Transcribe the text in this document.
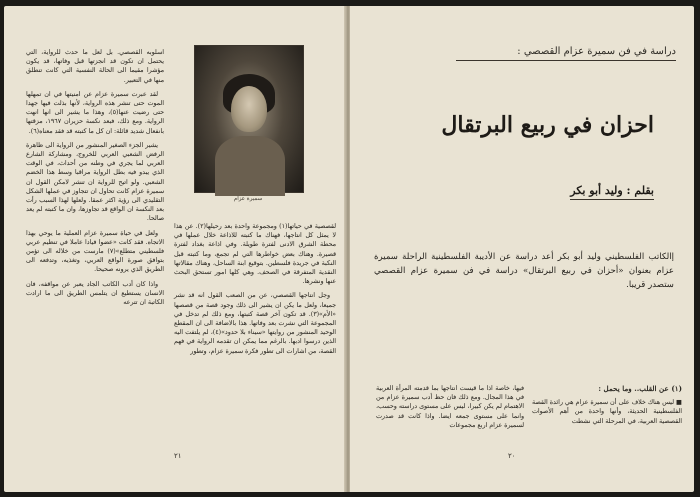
لقصصية في حياتها(١) ومجموعة واحدة بعد رحيلها(٢). عن هذا لا يمثل كل انتاجها، فهناك ما كتبته للاذاعة خلال عملها في محطة الشرق الادنى لفترة طويلة. وفي اذاعة بغداد لفترة قصيرة. وهناك بعض خواطرها التي لم تجمع، وما كتبته قبل النكبة في جريدة فلسطين. بتوقيع ابنة الساحل، وهناك مقالاتها النقدية المتفرقة في الصحف. وهي كلها امور تستحق البحث عنها ونشرها.

وجل انتاجها القصصي، عن من الصعب القول انه قد نشر جميعا، ولعل ما يكن ان يشير الى ذلك وجود قصة من قصصها «الأم»(٣). قد تكون آخر قصة كتبتها، ومع ذلك لم تدخل في المجموعة التي نشرت بعد وفاتها. هذا بالاضافة الى ان المقطع الوحيد المنشور من روايتها «سيناء بلا حدود»(٤)، لم يلتفت اليه الذين درسوا ادبها. بالرغم مما يمكن ان تقدمه الرواية في فهم القصة، من اشارات الى تطور فكرة سميرة عزام، وتطور

اسلوبه القصصي. بل لعل ما حدث للرواية، التي يحتمل ان تكون قد انجزتها قبل وفاتها، قد يكون مؤشرا مقيما الى الحالة النفسية التي كانت تنطلق منها في التعبير.

لقد عبرت سميرة عزام عن امنيتها في ان تمهلها الموت حتى تنشر هذه الرواية، لأنها بذلت فيها جهدا حتى رضيت عنها(٥)، وهذا ما يشير الى انها انهت الرواية. ومع ذلك، فبعد نكسة حزيران ١٩٦٧، مزقتها بانفعال شديد قائلة: ان كل ما كتبته قد فقد معناه(٦).

يشير الجزء الصغير المنشور من الرواية الى ظاهرة الرفض الشعبي العربي للخروج، ومشاركة الشارع العربي لما يجري في وطنه من أحداث، في الوقت الذي يبدو فيه بطل الرواية مراقبا وسط هذا الخضم الشعبي. ولو اتيح للرواية ان تنشر لامكن القول ان سميرة عزام كانت تحاول ان تتجاوز في عملها الشكل التقليدي الى رؤية اكثر عمقا. ولعلها لهذا السبب رأت بعد النكسة ان الواقع قد تجاوزها، وان ما كتبته لم يعد صالحا.

ولعل في حياة سميرة عزام العملية ما يوحي بهذا الاتجاه. فقد كانت «عضوا فيادا عاملا في تنظيم عربي فلسطيني متطلع»(٧) مارست من خلاله الى تؤمن بتوافق صورة الواقع العربي، وتغذيه، وتدفعه الى الطريق الذي يرونه صحيحا.

واذا كان أدب الكاتب الجاد يعبر عن مواقفه، فان الانسان يستطيع ان يتلمس الطريق الى ما ارادت الكاتبة ان تترعه

سميرة عزام
٢١
دراسة في فن سميرة عزام القصصي :
احزان في ربيع البرتقال
بقلم : وليد أبو بكر
إالكاتب الفلسطيني وليد أبو بكر أعد دراسة عن الأديبة الفلسطينية الراحلة سميرة عزام بعنوان «أحزان في ربيع البرتقال» دراسة في فن سميرة عزام القصصي ستصدر قريبا.

(١) عن القلب.. وما يحمل :

■ ليس هناك خلاف على أن سميرة عزام هي رائدة القصة الفلسطينية الحديثة، وأنها واحدة من أهم الأصوات القصصية العربية، في المرحلة التي نشطت

فيها، خاصة اذا ما قيست انتاجها بما قدمته المرأة العربية في هذا المجال. ومع ذلك فان حظ أدب سميرة عزام من الاهتمام لم يكن كبيرا، ليس على مستوى دراسته وحسب، وانما على مستوى جمعه ايضا. واذا كانت قد صدرت لسميرة عزام اربع مجموعات

٢٠
